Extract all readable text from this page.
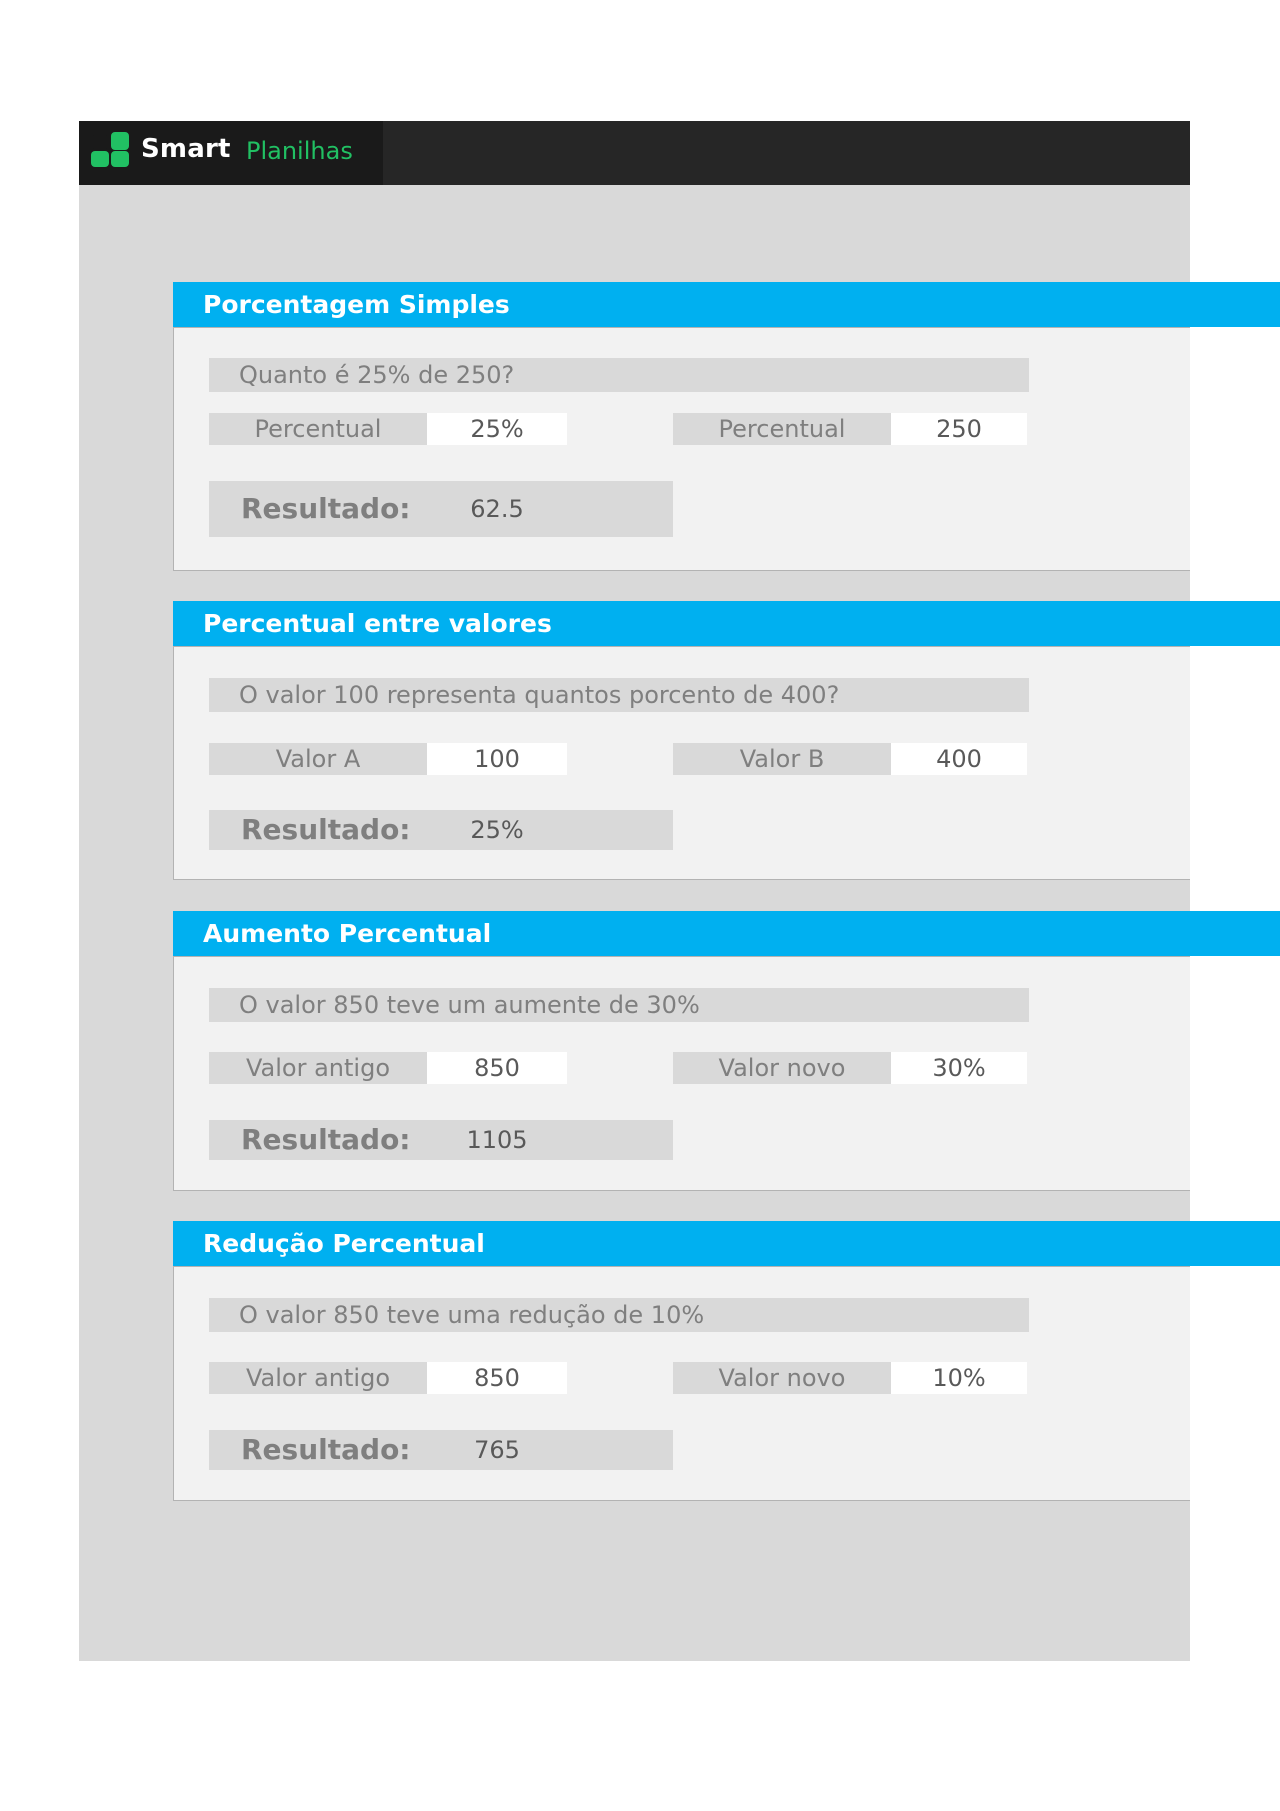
Smart Planilhas
Porcentagem Simples
Quanto é 25% de 250?
Percentual	25%	Percentual	250
Resultado:	62.5
Percentual entre valores
O valor 100 representa quantos porcento de 400?
Valor A	100	Valor B	400
Resultado:	25%
Aumento Percentual
O valor 850 teve um aumente de 30%
Valor antigo	850	Valor novo	30%
Resultado:	1105
Redução Percentual
O valor 850 teve uma redução de 10%
Valor antigo	850	Valor novo	10%
Resultado:	765
